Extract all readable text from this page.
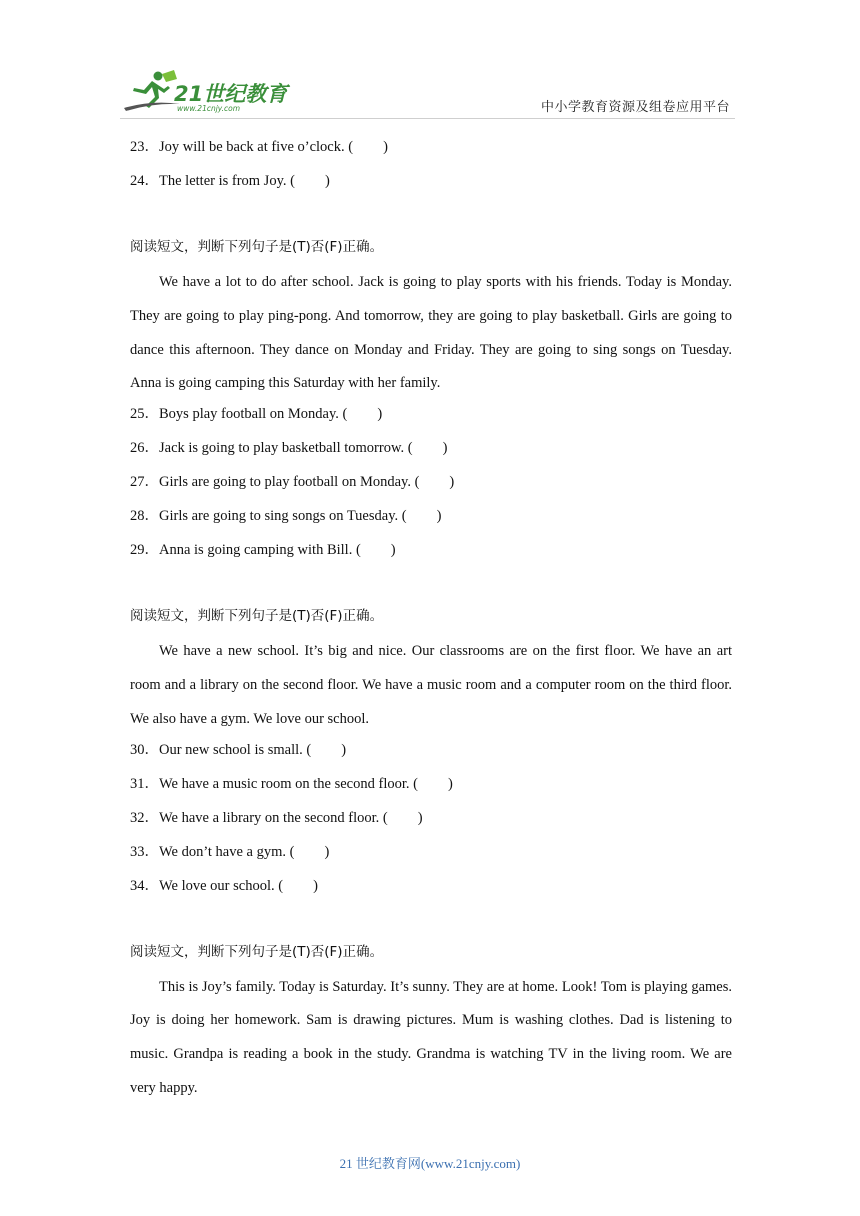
21世纪教育
www.21cnjy.com	中小学教育资源及组卷应用平台
23．Joy will be back at five o’clock. ( )
24．The letter is from Joy. ( )
阅读短文，判断下列句子是(T)否(F)正确。

We have a lot to do after school. Jack is going to play sports with his friends. Today is Monday. They are going to play ping-pong. And tomorrow, they are going to play basketball. Girls are going to dance this afternoon. They dance on Monday and Friday. They are going to sing songs on Tuesday. Anna is going camping this Saturday with her family.

25．Boys play football on Monday. ( )
26．Jack is going to play basketball tomorrow. ( )
27．Girls are going to play football on Monday. ( )
28．Girls are going to sing songs on Tuesday. ( )
29．Anna is going camping with Bill. ( )
阅读短文，判断下列句子是(T)否(F)正确。

We have a new school. It’s big and nice. Our classrooms are on the first floor. We have an art room and a library on the second floor. We have a music room and a computer room on the third floor. We also have a gym. We love our school.

30．Our new school is small. ( )
31．We have a music room on the second floor. ( )
32．We have a library on the second floor. ( )
33．We don’t have a gym. ( )
34．We love our school. ( )
阅读短文，判断下列句子是(T)否(F)正确。

This is Joy’s family. Today is Saturday. It’s sunny. They are at home. Look! Tom is playing games. Joy is doing her homework. Sam is drawing pictures. Mum is washing clothes. Dad is listening to music. Grandpa is reading a book in the study. Grandma is watching TV in the living room. We are very happy.

21 世纪教育网(www.21cnjy.com)
